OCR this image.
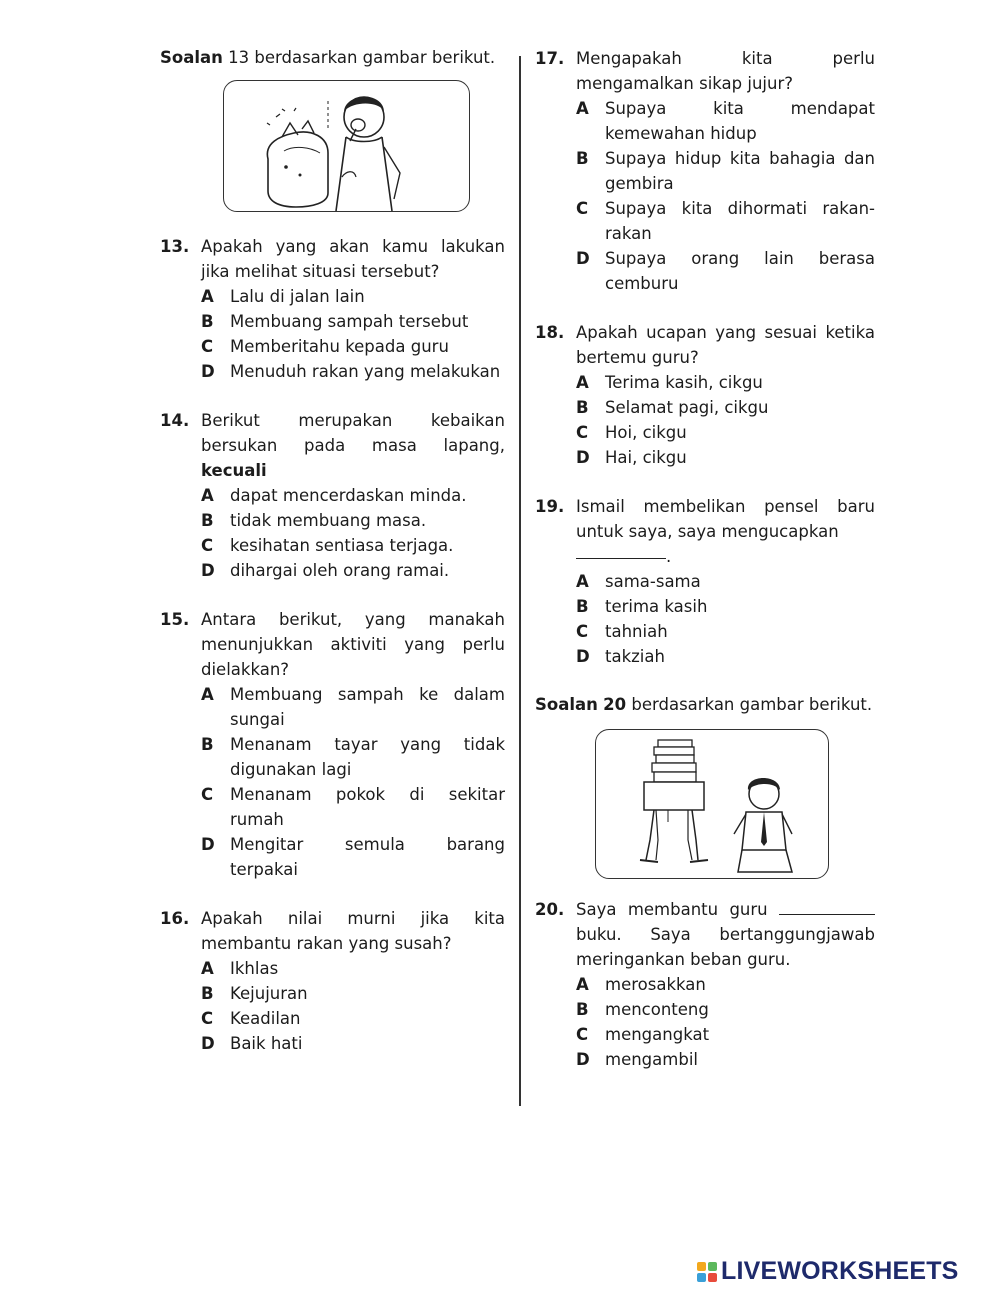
Soalan 13 berdasarkan gambar berikut.
13. Apakah yang akan kamu lakukan jika melihat situasi tersebut?
A Lalu di jalan lain
B Membuang sampah tersebut
C	Memberitahu kepada guru
D Menuduh rakan yang melakukan
14. Berikut merupakan kebaikan bersukan pada masa lapang, kecuali
A dapat mencerdaskan minda.
B tidak membuang masa.
C	kesihatan sentiasa terjaga.
D dihargai oleh orang ramai.
15. Antara berikut, yang manakah menunjukkan aktiviti yang perlu dielakkan?
A Membuang sampah ke dalam sungai
B Menanam tayar yang tidak digunakan lagi
C	Menanam pokok di sekitar rumah
D Mengitar semula barang terpakai
16. Apakah nilai murni jika kita membantu rakan yang susah?
A Ikhlas
B Kejujuran
C	Keadilan
D Baik hati
17. Mengapakah kita perlu mengamalkan sikap jujur?
A Supaya kita mendapat kemewahan hidup
B Supaya hidup kita bahagia dan gembira
C	Supaya kita dihormati rakan-rakan
D Supaya orang lain berasa cemburu
18. Apakah ucapan yang sesuai ketika bertemu guru?
A Terima kasih, cikgu
B Selamat pagi, cikgu
C	Hoi, cikgu
D Hai, cikgu
19. Ismail membelikan pensel baru untuk saya, saya mengucapkan
.
A sama-sama
B terima kasih
C	tahniah
D takziah
Soalan 20 berdasarkan gambar berikut.
20. Saya membantu guru  buku. Saya bertanggungjawab meringankan beban guru.
A merosakkan
B menconteng
C	mengangkat
D mengambil
LIVEWORKSHEETS
